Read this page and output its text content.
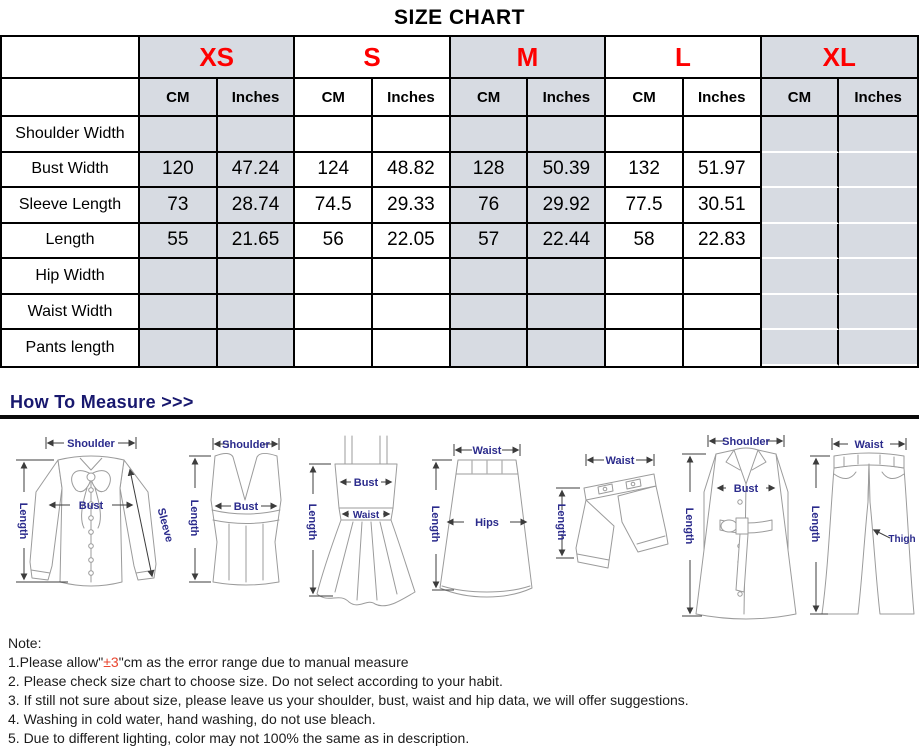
SIZE CHART
XS	S	M	L	XL
CM	Inches	CM	Inches	CM	Inches	CM	Inches	CM	Inches
Shoulder Width
Bust Width	120	47.24	124	48.82	128	50.39	132	51.97
Sleeve Length	73	28.74	74.5	29.33	76	29.92	77.5	30.51
Length	55	21.65	56	22.05	57	22.44	58	22.83
Hip Width
Waist Width
Pants length
How To Measure >>>
Shoulder
Length	Bust
Sleeve
Shoulder
Bust
Length
Bust
Waist
Length
Waist
Hips
Length
Waist
Length
Shoulder
Bust
Length
Waist
Thigh
Length
Note:
1.Please allow"±3"cm as the error range due to manual measure
2. Please check size chart to choose size. Do not select according to your habit.
3. If still not sure about size, please leave us your shoulder, bust, waist and hip data, we will offer suggestions.
4. Washing in cold water, hand washing, do not use bleach.
5. Due to different lighting, color may not 100% the same as in description.
